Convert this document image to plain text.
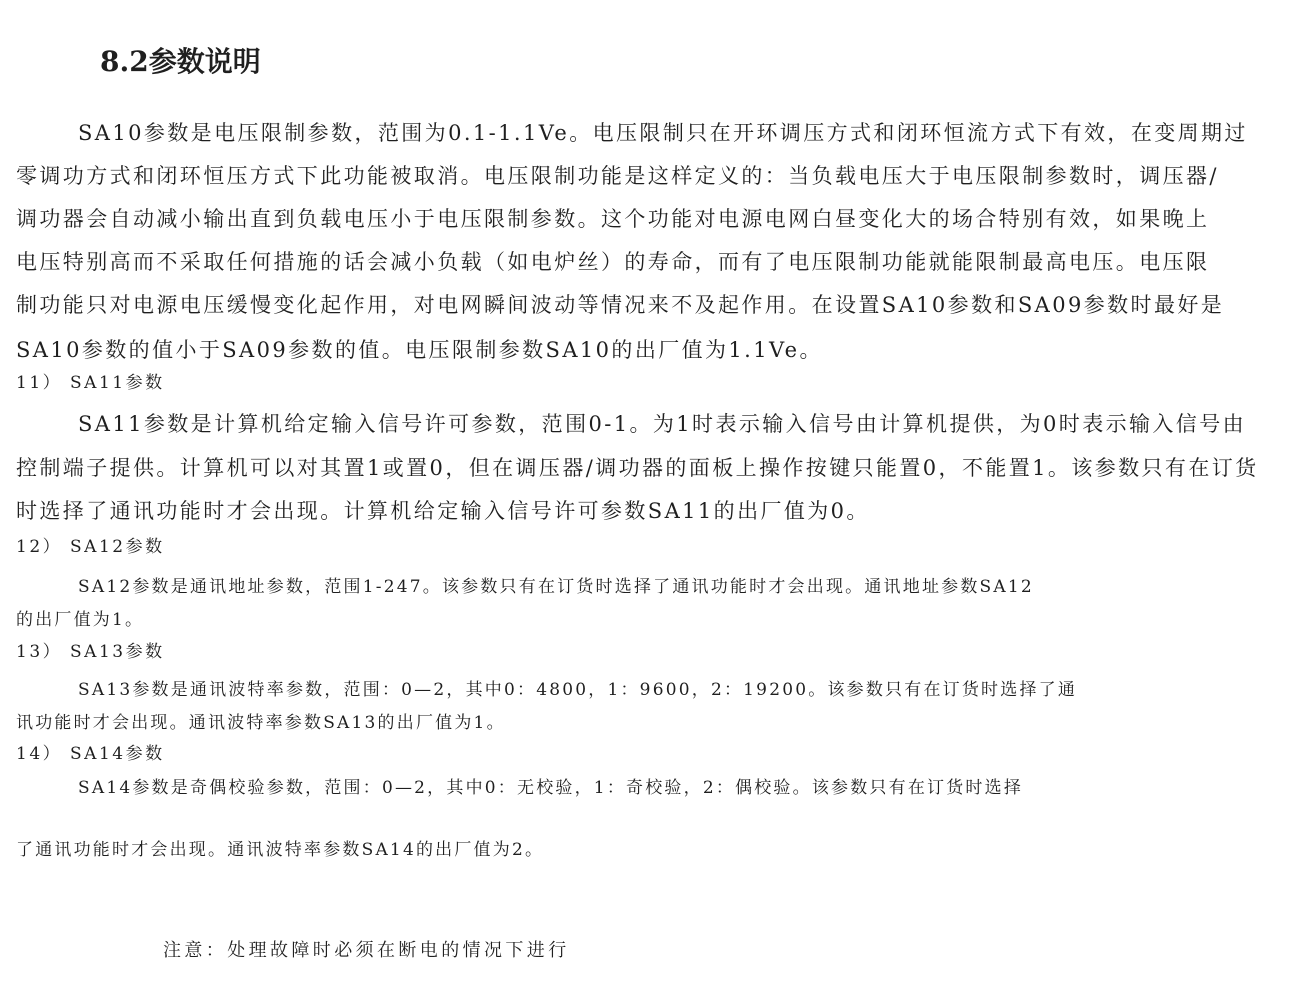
8.2参数说明

SA10参数是电压限制参数，范围为0.1-1.1Ve。电压限制只在开环调压方式和闭环恒流方式下有效，在变周期过

零调功方式和闭环恒压方式下此功能被取消。电压限制功能是这样定义的：当负载电压大于电压限制参数时，调压器/

调功器会自动减小输出直到负载电压小于电压限制参数。这个功能对电源电网白昼变化大的场合特别有效，如果晚上

电压特别高而不采取任何措施的话会减小负载（如电炉丝）的寿命，而有了电压限制功能就能限制最高电压。电压限

制功能只对电源电压缓慢变化起作用，对电网瞬间波动等情况来不及起作用。在设置SA10参数和SA09参数时最好是

SA10参数的值小于SA09参数的值。电压限制参数SA10的出厂值为1.1Ve。

11） SA11参数

SA11参数是计算机给定输入信号许可参数，范围0-1。为1时表示输入信号由计算机提供，为0时表示输入信号由

控制端子提供。计算机可以对其置1或置0，但在调压器/调功器的面板上操作按键只能置0，不能置1。该参数只有在订货

时选择了通讯功能时才会出现。计算机给定输入信号许可参数SA11的出厂值为0。

12） SA12参数

SA12参数是通讯地址参数，范围1-247。该参数只有在订货时选择了通讯功能时才会出现。通讯地址参数SA12

的出厂值为1。

13） SA13参数

SA13参数是通讯波特率参数，范围：0—2，其中0：4800，1：9600，2：19200。该参数只有在订货时选择了通

讯功能时才会出现。通讯波特率参数SA13的出厂值为1。

14） SA14参数

SA14参数是奇偶校验参数，范围：0—2，其中0：无校验，1：奇校验，2：偶校验。该参数只有在订货时选择

了通讯功能时才会出现。通讯波特率参数SA14的出厂值为2。

注意：处理故障时必须在断电的情况下进行
